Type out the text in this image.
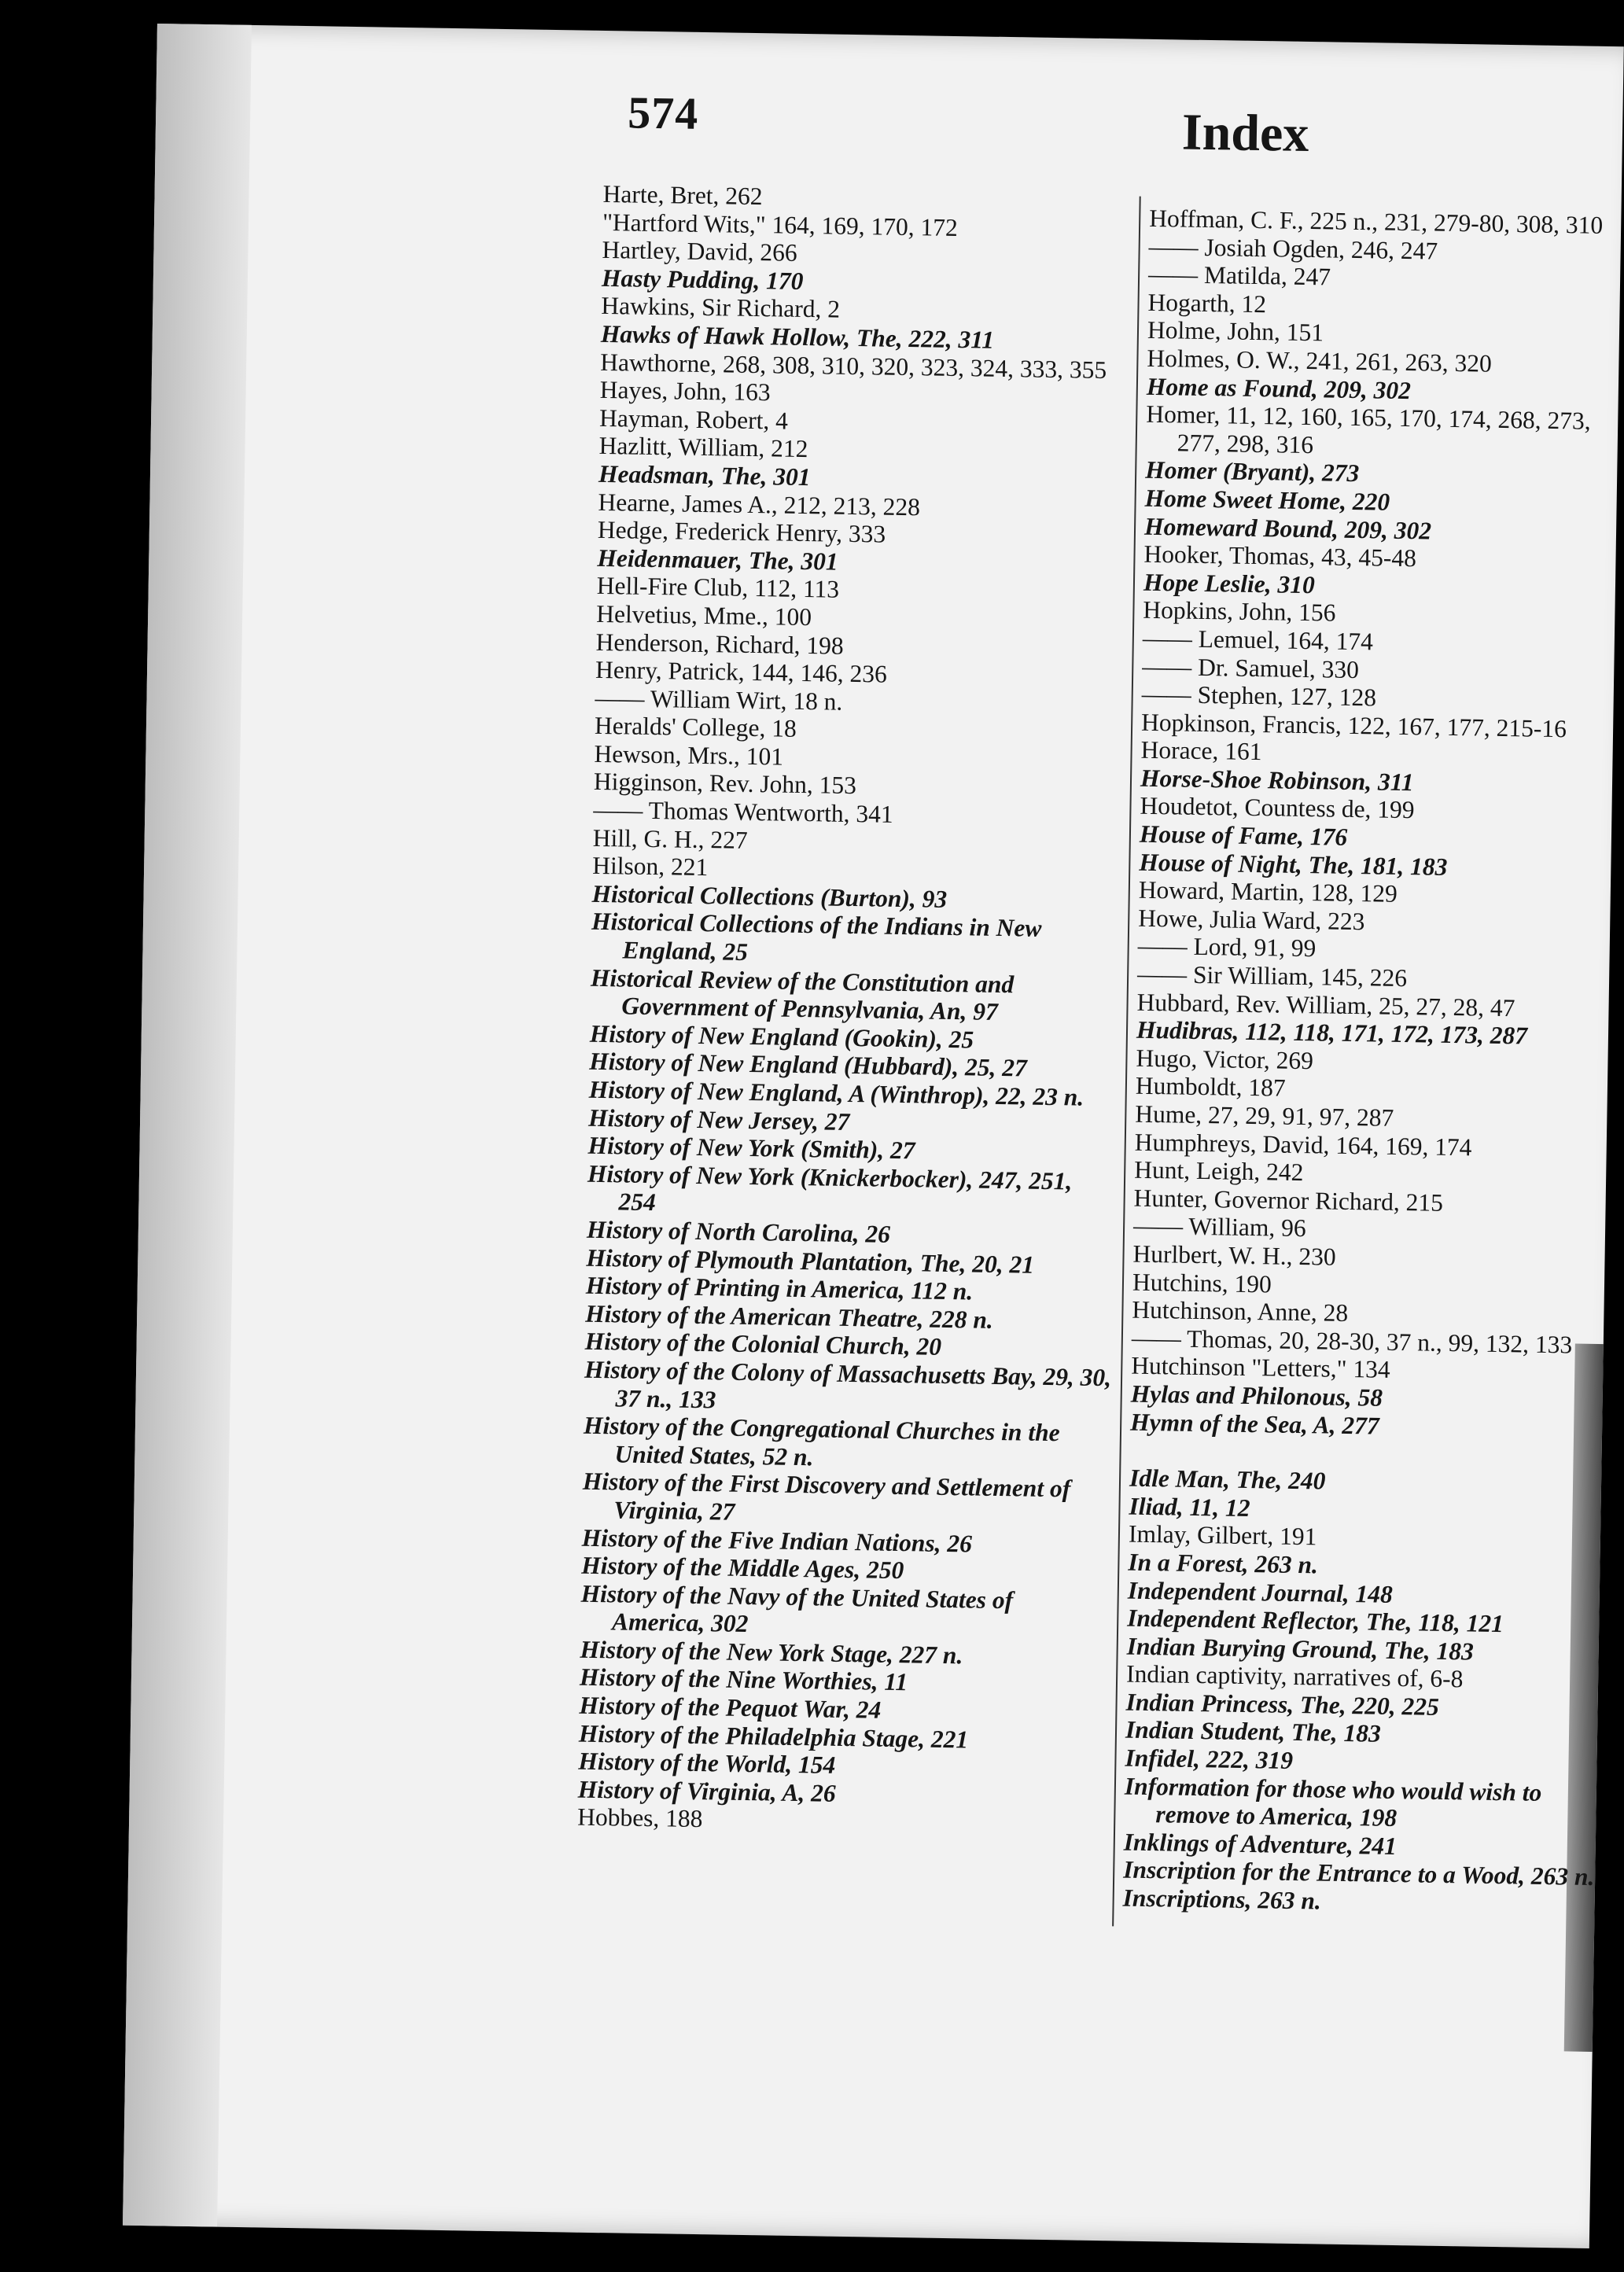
574	Index
Harte, Bret, 262
"Hartford Wits," 164, 169, 170, 172
Hartley, David, 266
Hasty Pudding, 170
Hawkins, Sir Richard, 2
Hawks of Hawk Hollow, The, 222, 311
Hawthorne, 268, 308, 310, 320, 323, 324, 333, 355
Hayes, John, 163
Hayman, Robert, 4
Hazlitt, William, 212
Headsman, The, 301
Hearne, James A., 212, 213, 228
Hedge, Frederick Henry, 333
Heidenmauer, The, 301
Hell-Fire Club, 112, 113
Helvetius, Mme., 100
Henderson, Richard, 198
Henry, Patrick, 144, 146, 236
—— William Wirt, 18 n.
Heralds' College, 18
Hewson, Mrs., 101
Higginson, Rev. John, 153
—— Thomas Wentworth, 341
Hill, G. H., 227
Hilson, 221
Historical Collections (Burton), 93
Historical Collections of the Indians in New England, 25
Historical Review of the Constitution and Government of Pennsylvania, An, 97
History of New England (Gookin), 25
History of New England (Hubbard), 25, 27
History of New England, A (Winthrop), 22, 23 n.
History of New Jersey, 27
History of New York (Smith), 27
History of New York (Knickerbocker), 247, 251, 254
History of North Carolina, 26
History of Plymouth Plantation, The, 20, 21
History of Printing in America, 112 n.
History of the American Theatre, 228 n.
History of the Colonial Church, 20
History of the Colony of Massachusetts Bay, 29, 30, 37 n., 133
History of the Congregational Churches in the United States, 52 n.
History of the First Discovery and Settlement of Virginia, 27
History of the Five Indian Nations, 26
History of the Middle Ages, 250
History of the Navy of the United States of America, 302
History of the New York Stage, 227 n.
History of the Nine Worthies, 11
History of the Pequot War, 24
History of the Philadelphia Stage, 221
History of the World, 154
History of Virginia, A, 26
Hobbes, 188
Hoffman, C. F., 225 n., 231, 279-80, 308, 310
—— Josiah Ogden, 246, 247
—— Matilda, 247
Hogarth, 12
Holme, John, 151
Holmes, O. W., 241, 261, 263, 320
Home as Found, 209, 302
Homer, 11, 12, 160, 165, 170, 174, 268, 273, 277, 298, 316
Homer (Bryant), 273
Home Sweet Home, 220
Homeward Bound, 209, 302
Hooker, Thomas, 43, 45-48
Hope Leslie, 310
Hopkins, John, 156
—— Lemuel, 164, 174
—— Dr. Samuel, 330
—— Stephen, 127, 128
Hopkinson, Francis, 122, 167, 177, 215-16
Horace, 161
Horse-Shoe Robinson, 311
Houdetot, Countess de, 199
House of Fame, 176
House of Night, The, 181, 183
Howard, Martin, 128, 129
Howe, Julia Ward, 223
—— Lord, 91, 99
—— Sir William, 145, 226
Hubbard, Rev. William, 25, 27, 28, 47
Hudibras, 112, 118, 171, 172, 173, 287
Hugo, Victor, 269
Humboldt, 187
Hume, 27, 29, 91, 97, 287
Humphreys, David, 164, 169, 174
Hunt, Leigh, 242
Hunter, Governor Richard, 215
—— William, 96
Hurlbert, W. H., 230
Hutchins, 190
Hutchinson, Anne, 28
—— Thomas, 20, 28-30, 37 n., 99, 132, 133
Hutchinson "Letters," 134
Hylas and Philonous, 58
Hymn of the Sea, A, 277
Idle Man, The, 240
Iliad, 11, 12
Imlay, Gilbert, 191
In a Forest, 263 n.
Independent Journal, 148
Independent Reflector, The, 118, 121
Indian Burying Ground, The, 183
Indian captivity, narratives of, 6-8
Indian Princess, The, 220, 225
Indian Student, The, 183
Infidel, 222, 319
Information for those who would wish to remove to America, 198
Inklings of Adventure, 241
Inscription for the Entrance to a Wood, 263 n.
Inscriptions, 263 n.
